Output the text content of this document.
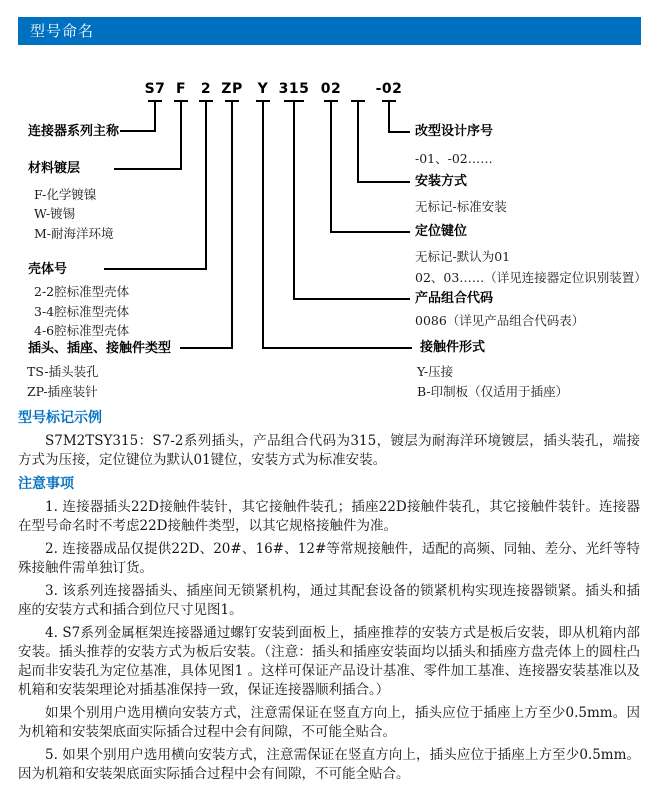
型号命名
S7 F 2 ZP Y 315 02 -02
连接器系列主称
材料镀层
F-化学镀镍
W-镀锡
M-耐海洋环境
壳体号
2-2腔标准型壳体
3-4腔标准型壳体
4-6腔标准型壳体
插头、插座、接触件类型
TS-插头装孔
ZP-插座装针
改型设计序号
-01、-02……
安装方式
无标记-标准安装
定位键位
无标记-默认为01
02、03……（详见连接器定位识别装置）
产品组合代码
0086（详见产品组合代码表）
接触件形式
Y-压接
B-印制板（仅适用于插座）
型号标记示例

S7M2TSY315：S7-2系列插头，产品组合代码为315，镀层为耐海洋环境镀层，插头装孔，端接方式为压接，定位键位为默认01键位，安装方式为标准安装。

注意事项

1. 连接器插头22D接触件装针，其它接触件装孔；插座22D接触件装孔，其它接触件装针。连接器在型号命名时不考虑22D接触件类型，以其它规格接触件为准。

2. 连接器成品仅提供22D、20#、16#、12#等常规接触件，适配的高频、同轴、差分、光纤等特殊接触件需单独订货。

3. 该系列连接器插头、插座间无锁紧机构，通过其配套设备的锁紧机构实现连接器锁紧。插头和插座的安装方式和插合到位尺寸见图1。

4. S7系列金属框架连接器通过螺钉安装到面板上，插座推荐的安装方式是板后安装，即从机箱内部安装。插头推荐的安装方式为板后安装。（注意：插头和插座安装面均以插头和插座方盘壳体上的圆柱凸起而非安装孔为定位基准，具体见图1 。这样可保证产品设计基准、零件加工基准、连接器安装基准以及机箱和安装架理论对插基准保持一致，保证连接器顺利插合。）

如果个别用户选用横向安装方式，注意需保证在竖直方向上，插头应位于插座上方至少0.5mm。因为机箱和安装架底面实际插合过程中会有间隙，不可能全贴合。

5. 如果个别用户选用横向安装方式，注意需保证在竖直方向上，插头应位于插座上方至少0.5mm。因为机箱和安装架底面实际插合过程中会有间隙，不可能全贴合。
